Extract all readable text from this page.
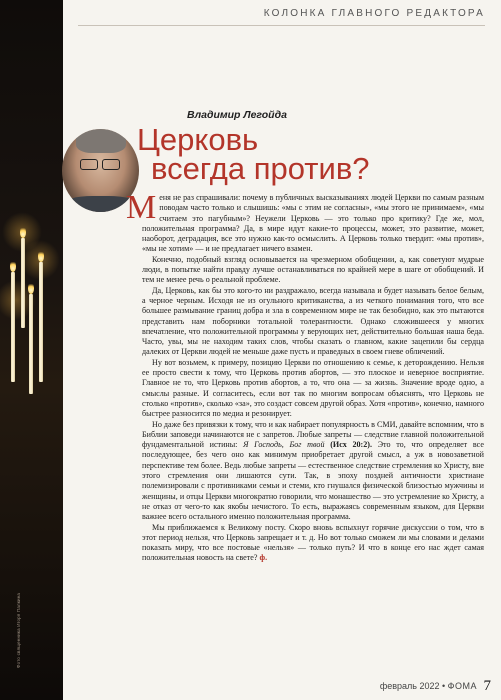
Фото священника Игоря Палкина
КОЛОНКА ГЛАВНОГО РЕДАКТОРА
Владимир Легойда
Церковь
всегда против?

Меня не раз спрашивали: почему в публичных высказываниях людей Церкви по самым разным поводам часто только и слышишь: «мы с этим не согласны», «мы этого не принимаем», «мы считаем это пагубным»? Неужели Церковь — это только про критику? Где же, мол, положительная программа? Да, в мире идут какие-то процессы, может, это развитие, может, наоборот, деградация, все это нужно как-то осмыслить. А Церковь только твердит: «мы против», «мы не хотим» — и не предлагает ничего взамен.

Конечно, подобный взгляд основывается на чрезмерном обобщении, а, как советуют мудрые люди, в попытке найти правду лучше останавливаться по крайней мере в шаге от обобщений. И тем не менее речь о реальной проблеме.

Да, Церковь, как бы это кого-то ни раздражало, всегда называла и будет называть белое белым, а черное черным. Исходя не из огульного критиканства, а из четкого понимания того, что все большее размывание границ добра и зла в современном мире не так безобидно, как это пытаются представить нам поборники тотальной толерантности. Однако сложившееся у многих впечатление, что положительной программы у верующих нет, действительно большая наша беда. Часто, увы, мы не находим таких слов, чтобы сказать о главном, какие зацепили бы сердца далеких от Церкви людей не меньше даже пусть и праведных в своем гневе обличений.

Ну вот возьмем, к примеру, позицию Церкви по отношению к семье, к деторождению. Нельзя ее просто свести к тому, что Церковь против абортов, — это плоское и неверное восприятие. Главное не то, что Церковь против абортов, а то, что она — за жизнь. Значение вроде одно, а смыслы разные. И согласитесь, если вот так по многим вопросам объяснять, что Церковь не столько «против», сколько «за», это создаст совсем другой образ. Хотя «против», конечно, намного быстрее разносится по медиа и резонирует.

Но даже без привязки к тому, что и как набирает популярность в СМИ, давайте вспомним, что в Библии заповеди начинаются не с запретов. Любые запреты — следствие главной положительной фундаментальной истины: Я Господь, Бог твой (Исх 20:2). Это то, что определяет все последующее, без чего оно как минимум приобретает другой смысл, а уж в новозаветной перспективе тем более. Ведь любые запреты — естественное следствие стремления ко Христу, вне этого стремления они лишаются сути. Так, в эпоху поздней античности христиане полемизировали с противниками семьи и стеми, кто гнушался физической близостью мужчины и женщины, и отцы Церкви многократно говорили, что монашество — это устремление ко Христу, а не отказ от чего-то как якобы нечистого. То есть, выражаясь современным языком, для Церкви важнее всего остального именно положительная программа.

Мы приближаемся к Великому посту. Скоро вновь вспыхнут горячие дискуссии о том, что в этот период нельзя, что Церковь запрещает и т. д. Но вот только сможем ли мы словами и делами показать миру, что все постовые «нельзя» — только путь? И что в конце его нас ждет самая положительная новость на свете? ф.

февраль 2022 • ФОМА 7
